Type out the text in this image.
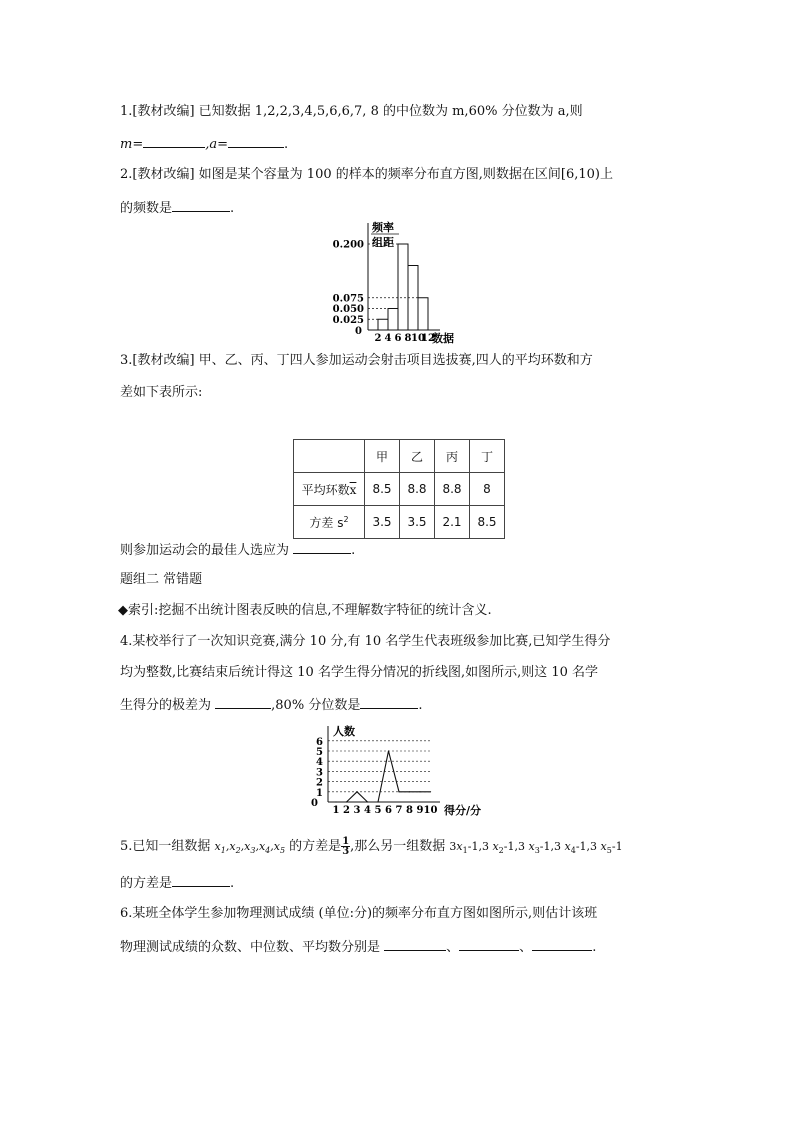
1.[教材改编] 已知数据 1,2,2,3,4,5,6,6,7, 8 的中位数为 m,60% 分位数为 a,则
m=	,a=	.
2.[教材改编] 如图是某个容量为 100 的样本的频率分布直方图,则数据在区间[6,10)上
的频数是	.
频率
组距
0.200
0.075
0.050
0.025
2 4 6 8 10
12
0
数据
3.[教材改编] 甲、乙、丙、丁四人参加运动会射击项目选拔赛,四人的平均环数和方
差如下表所示:
	甲	乙	丙	丁
平均环数$\overline{x}$	8.5	8.8	8.8	8
方差 $s^2$	3.5	3.5	2.1	8.5
则参加运动会的最佳人选应为	.
题组二 常错题
◆索引:挖掘不出统计图表反映的信息,不理解数字特征的统计含义.
4.某校举行了一次知识竞赛,满分 10 分,有 10 名学生代表班级参加比赛,已知学生得分
均为整数,比赛结束后统计得这 10 名学生得分情况的折线图,如图所示,则这 10 名学
生得分的极差为	,80% 分位数是	.
1
2
3
4
5
6
人数
0
1 2 3 4 5 6 7 8 9 10 得分/分
5.已知一组数据 $x_1,x_2,x_3,x_4,x_5$ 的方差是 $\frac{1}{3}$ ,那么另一组数据 $3x_1-1,3$ $x_2-1,3$ $x_3-1,3$ $x_4-1,3$ $x_5-1$
的方差是	.
6.某班全体学生参加物理测试成绩 (单位:分)的频率分布直方图如图所示,则估计该班
物理测试成绩的众数、中位数、平均数分别是	、	、	.
